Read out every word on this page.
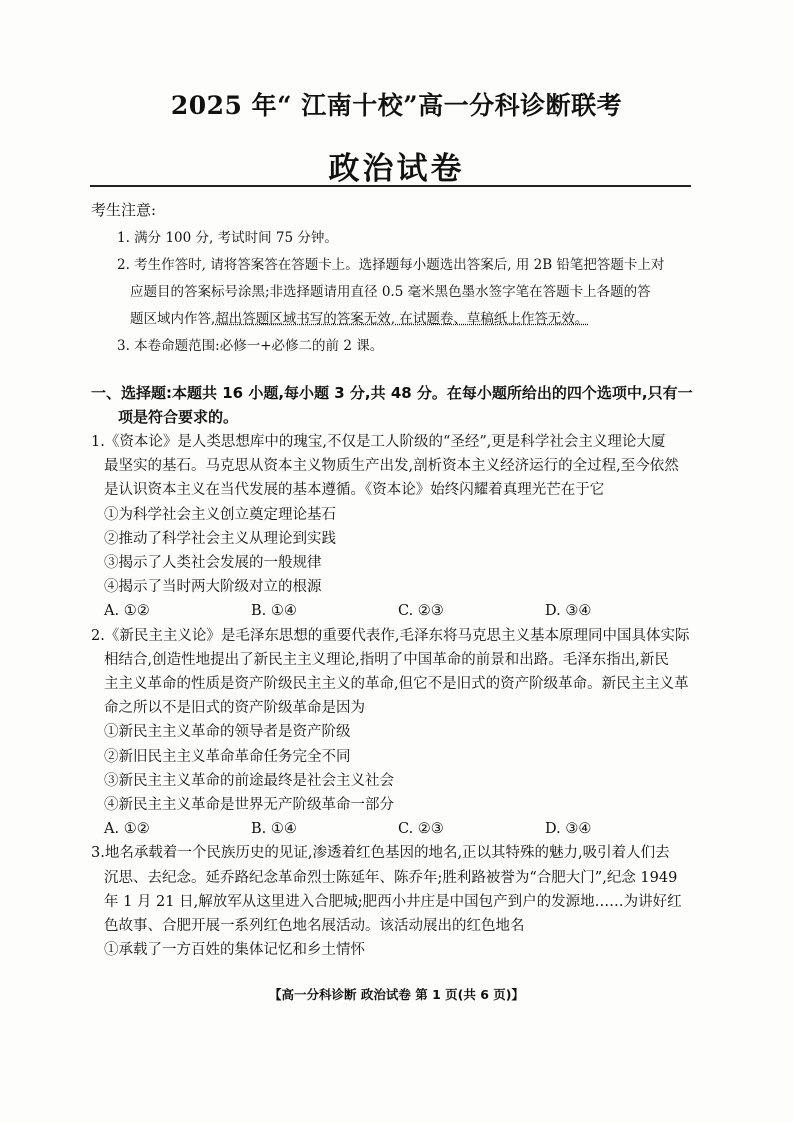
2025 年“ 江南十校”高一分科诊断联考
政治试卷
考生注意:

1. 满分 100 分, 考试时间 75 分钟。

2. 考生作答时, 请将答案答在答题卡上。选择题每小题选出答案后, 用 2B 铅笔把答题卡上对

应题目的答案标号涂黑;非选择题请用直径 0.5 毫米黑色墨水签字笔在答题卡上各题的答

题区域内作答,超出答题区域书写的答案无效, 在试题卷、草稿纸上作答无效。

3. 本卷命题范围:必修一+必修二的前 2 课。

一、选择题:本题共 16 小题,每小题 3 分,共 48 分。在每小题所给出的四个选项中,只有一
项是符合要求的。
1.《资本论》是人类思想库中的瑰宝,不仅是工人阶级的“圣经”,更是科学社会主义理论大厦
最坚实的基石。马克思从资本主义物质生产出发,剖析资本主义经济运行的全过程,至今依然
是认识资本主义在当代发展的基本遵循。《资本论》始终闪耀着真理光芒在于它

①为科学社会主义创立奠定理论基石

②推动了科学社会主义从理论到实践

③揭示了人类社会发展的一般规律

④揭示了当时两大阶级对立的根源

A. ①②	B. ①④	C. ②③	D. ③④
2.《新民主主义论》是毛泽东思想的重要代表作,毛泽东将马克思主义基本原理同中国具体实际
相结合,创造性地提出了新民主主义理论,指明了中国革命的前景和出路。毛泽东指出,新民
主主义革命的性质是资产阶级民主主义的革命,但它不是旧式的资产阶级革命。新民主主义革
命之所以不是旧式的资产阶级革命是因为

①新民主主义革命的领导者是资产阶级

②新旧民主主义革命革命任务完全不同

③新民主主义革命的前途最终是社会主义社会

④新民主主义革命是世界无产阶级革命一部分

A. ①②	B. ①④	C. ②③	D. ③④
3.地名承载着一个民族历史的见证,渗透着红色基因的地名,正以其特殊的魅力,吸引着人们去
沉思、去纪念。延乔路纪念革命烈士陈延年、陈乔年;胜利路被誉为“合肥大门”,纪念 1949
年 1 月 21 日,解放军从这里进入合肥城;肥西小井庄是中国包产到户的发源地……为讲好红
色故事、合肥开展一系列红色地名展活动。该活动展出的红色地名

①承载了一方百姓的集体记忆和乡土情怀

【高一分科诊断 政治试卷 第 1 页(共 6 页)】
